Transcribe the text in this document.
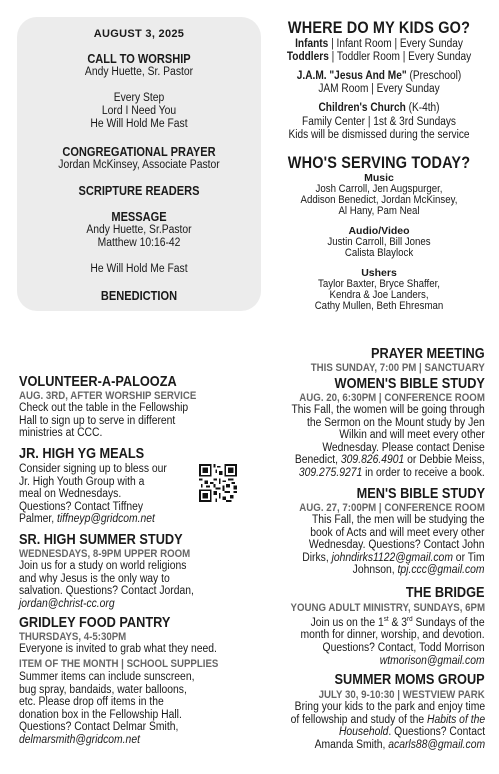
AUGUST 3, 2025
CALL TO WORSHIP
Andy Huette, Sr. Pastor
Every Step
Lord I Need You
He Will Hold Me Fast
CONGREGATIONAL PRAYER
Jordan McKinsey, Associate Pastor
SCRIPTURE READERS
MESSAGE
Andy Huette, Sr.Pastor
Matthew 10:16-42
He Will Hold Me Fast
BENEDICTION
WHERE DO MY KIDS GO?
Infants | Infant Room | Every Sunday
Toddlers | Toddler Room | Every Sunday
J.A.M. "Jesus And Me" (Preschool)
JAM Room | Every Sunday
Children's Church (K-4th)
Family Center | 1st & 3rd Sundays
Kids will be dismissed during the service
WHO'S SERVING TODAY?
Music
Josh Carroll, Jen Augspurger,
Addison Benedict, Jordan McKinsey,
Al Hany, Pam Neal
Audio/Video
Justin Carroll, Bill Jones
Calista Blaylock
Ushers
Taylor Baxter, Bryce Shaffer,
Kendra & Joe Landers,
Cathy Mullen, Beth Ehresman
VOLUNTEER-A-PALOOZA
AUG. 3RD, AFTER WORSHIP SERVICE
Check out the table in the Fellowship
Hall to sign up to serve in different
ministries at CCC.
JR. HIGH YG MEALS
Consider signing up to bless our
Jr. High Youth Group with a
meal on Wednesdays.
Questions? Contact Tiffney
Palmer, tiffneyp@gridcom.net
SR. HIGH SUMMER STUDY
WEDNESDAYS, 8-9PM UPPER ROOM
Join us for a study on world religions
and why Jesus is the only way to
salvation. Questions? Contact Jordan,
jordan@christ-cc.org
GRIDLEY FOOD PANTRY
THURSDAYS, 4-5:30PM
Everyone is invited to grab what they need.
ITEM OF THE MONTH | SCHOOL SUPPLIES
Summer items can include sunscreen,
bug spray, bandaids, water balloons,
etc. Please drop off items in the
donation box in the Fellowship Hall.
Questions? Contact Delmar Smith,
delmarsmith@gridcom.net
PRAYER MEETING
THIS SUNDAY, 7:00 PM | SANCTUARY
WOMEN'S BIBLE STUDY
AUG. 20, 6:30PM | CONFERENCE ROOM
This Fall, the women will be going through
the Sermon on the Mount study by Jen
Wilkin and will meet every other
Wednesday. Please contact Denise
Benedict, 309.826.4901 or Debbie Meiss,
309.275.9271 in order to receive a book.
MEN'S BIBLE STUDY
AUG. 27, 7:00PM | CONFERENCE ROOM
This Fall, the men will be studying the
book of Acts and will meet every other
Wednesday. Questions? Contact John
Dirks, johndirks1122@gmail.com or Tim
Johnson, tpj.ccc@gmail.com
THE BRIDGE
YOUNG ADULT MINISTRY, SUNDAYS, 6PM
Join us on the 1st & 3rd Sundays of the
month for dinner, worship, and devotion.
Questions? Contact, Todd Morrison
wtmorison@gmail.com
SUMMER MOMS GROUP
JULY 30, 9-10:30 | WESTVIEW PARK
Bring your kids to the park and enjoy time
of fellowship and study of the Habits of the
Household. Questions? Contact
Amanda Smith, acarls88@gmail.com
